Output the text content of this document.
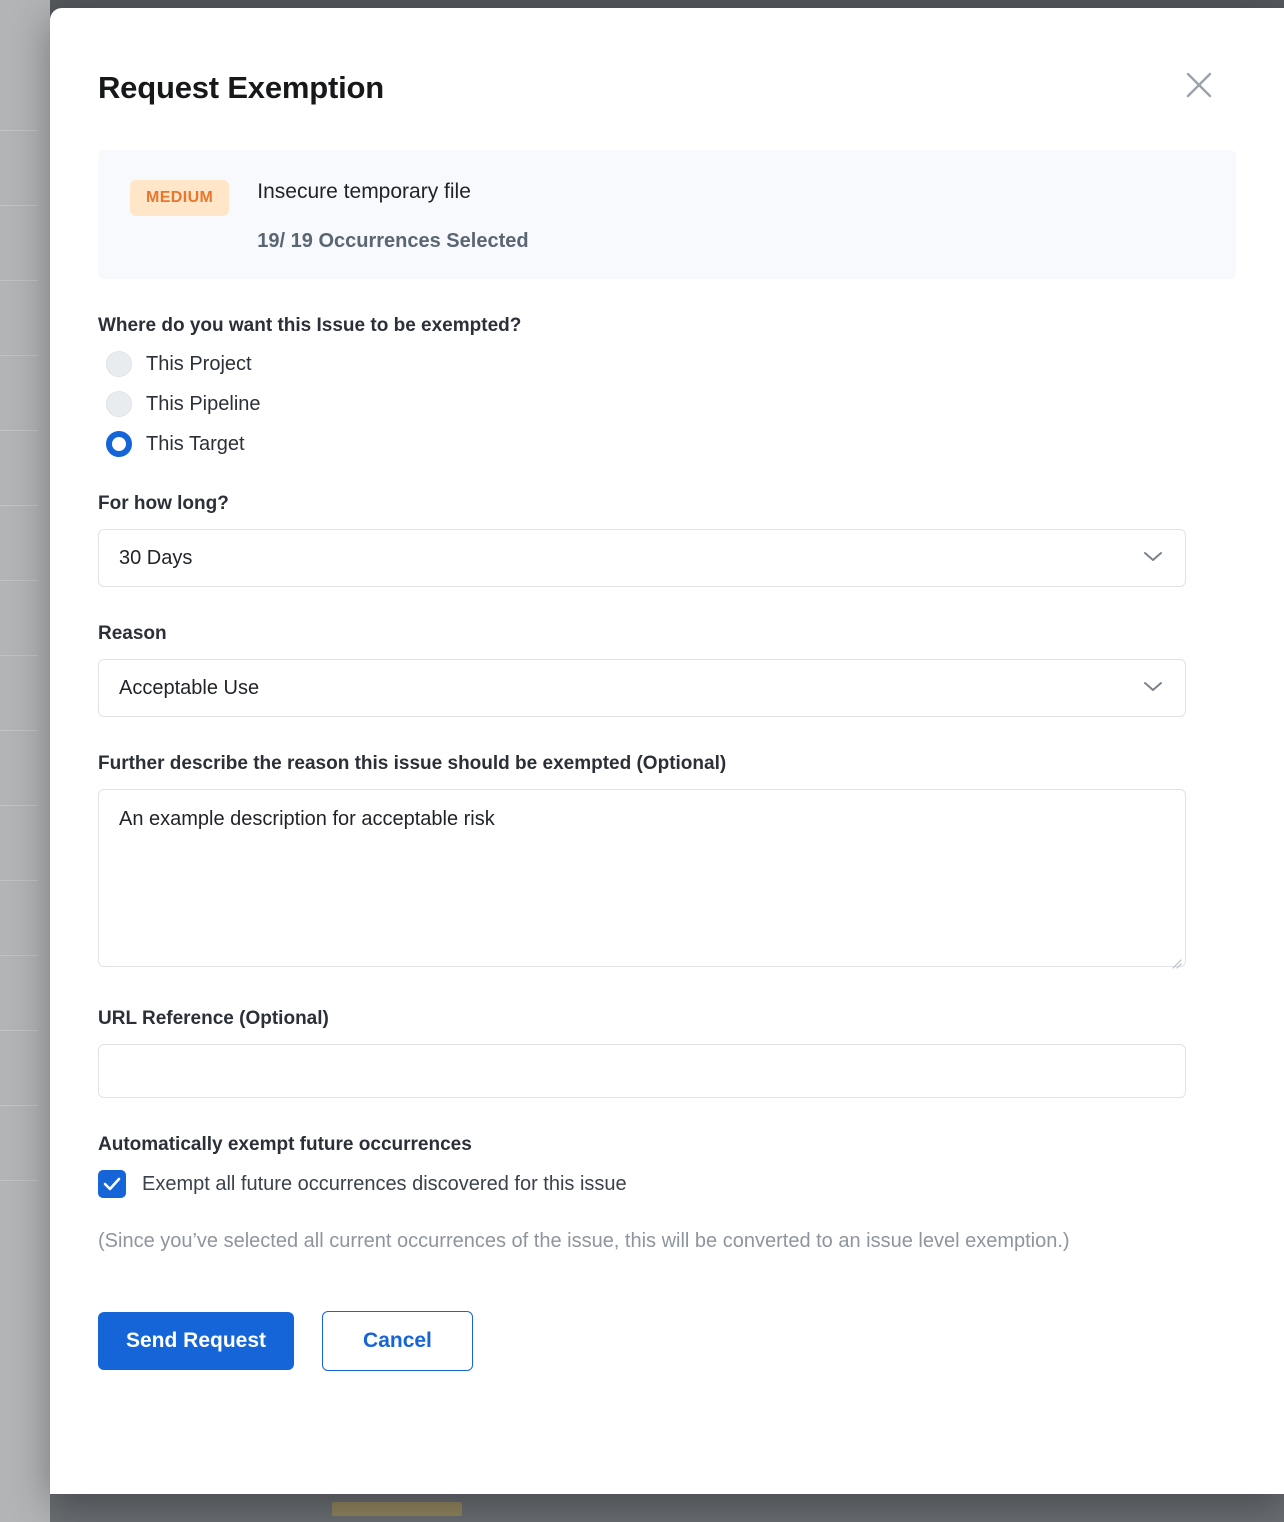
Request Exemption
MEDIUM	Insecure temporary file
19/ 19 Occurrences Selected
Where do you want this Issue to be exempted?
This Project
This Pipeline
This Target
For how long?
30 Days
Reason
Acceptable Use
Further describe the reason this issue should be exempted (Optional)
An example description for acceptable risk
URL Reference (Optional)
Automatically exempt future occurrences
Exempt all future occurrences discovered for this issue
(Since you’ve selected all current occurrences of the issue, this will be converted to an issue level exemption.)
Send Request	Cancel
